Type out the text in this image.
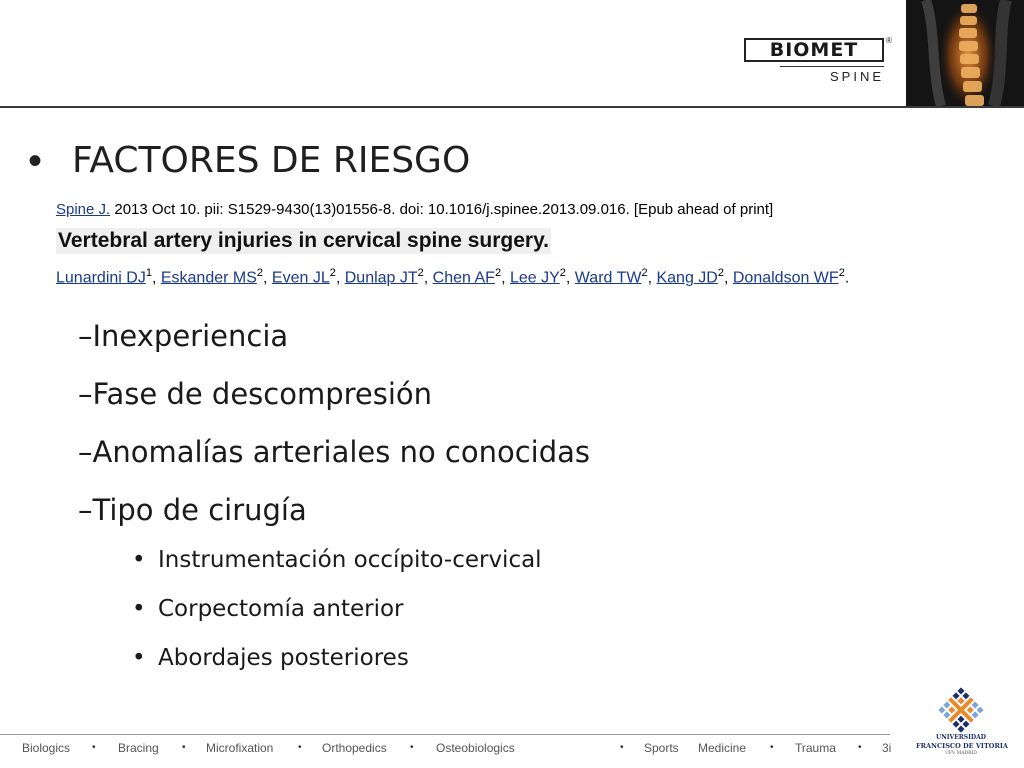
BIOMET	®
SPINE
• FACTORES DE RIESGO
Spine J. 2013 Oct 10. pii: S1529-9430(13)01556-8. doi: 10.1016/j.spinee.2013.09.016. [Epub ahead of print]
Vertebral artery injuries in cervical spine surgery.
Lunardini $DJ^1$, Eskander $MS^2$, Even $JL^2$, Dunlap $JT^2$, Chen $AF^2$, Lee $JY^2$, Ward $TW^2$, Kang $JD^2$, Donaldson $WF^2$.
–Inexperiencia
–Fase de descompresión
–Anomalías arteriales no conocidas
–Tipo de cirugía
• Instrumentación occípito-cervical
• Corpectomía anterior
• Abordajes posteriores
Biologics • Bracing • Microfixation • Orthopedics • Osteobiologics	• Sports Medicine • Trauma • 3i
UNIVERSIDAD
FRANCISCO DE VITORIA
UFV MADRID
